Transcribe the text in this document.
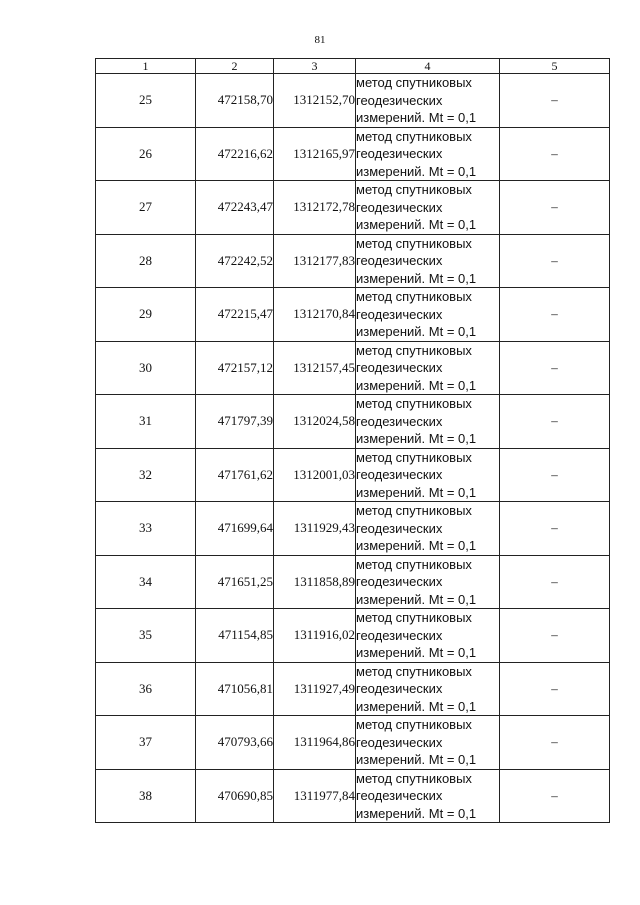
81
1	2	3	4	5
25	472158,70	1312152,70	метод спутниковых
геодезических
измерений. Mt = 0,1	–
26	472216,62	1312165,97	метод спутниковых
геодезических
измерений. Mt = 0,1	–
27	472243,47	1312172,78	метод спутниковых
геодезических
измерений. Mt = 0,1	–
28	472242,52	1312177,83	метод спутниковых
геодезических
измерений. Mt = 0,1	–
29	472215,47	1312170,84	метод спутниковых
геодезических
измерений. Mt = 0,1	–
30	472157,12	1312157,45	метод спутниковых
геодезических
измерений. Mt = 0,1	–
31	471797,39	1312024,58	метод спутниковых
геодезических
измерений. Mt = 0,1	–
32	471761,62	1312001,03	метод спутниковых
геодезических
измерений. Mt = 0,1	–
33	471699,64	1311929,43	метод спутниковых
геодезических
измерений. Mt = 0,1	–
34	471651,25	1311858,89	метод спутниковых
геодезических
измерений. Mt = 0,1	–
35	471154,85	1311916,02	метод спутниковых
геодезических
измерений. Mt = 0,1	–
36	471056,81	1311927,49	метод спутниковых
геодезических
измерений. Mt = 0,1	–
37	470793,66	1311964,86	метод спутниковых
геодезических
измерений. Mt = 0,1	–
38	470690,85	1311977,84	метод спутниковых
геодезических
измерений. Mt = 0,1	–
